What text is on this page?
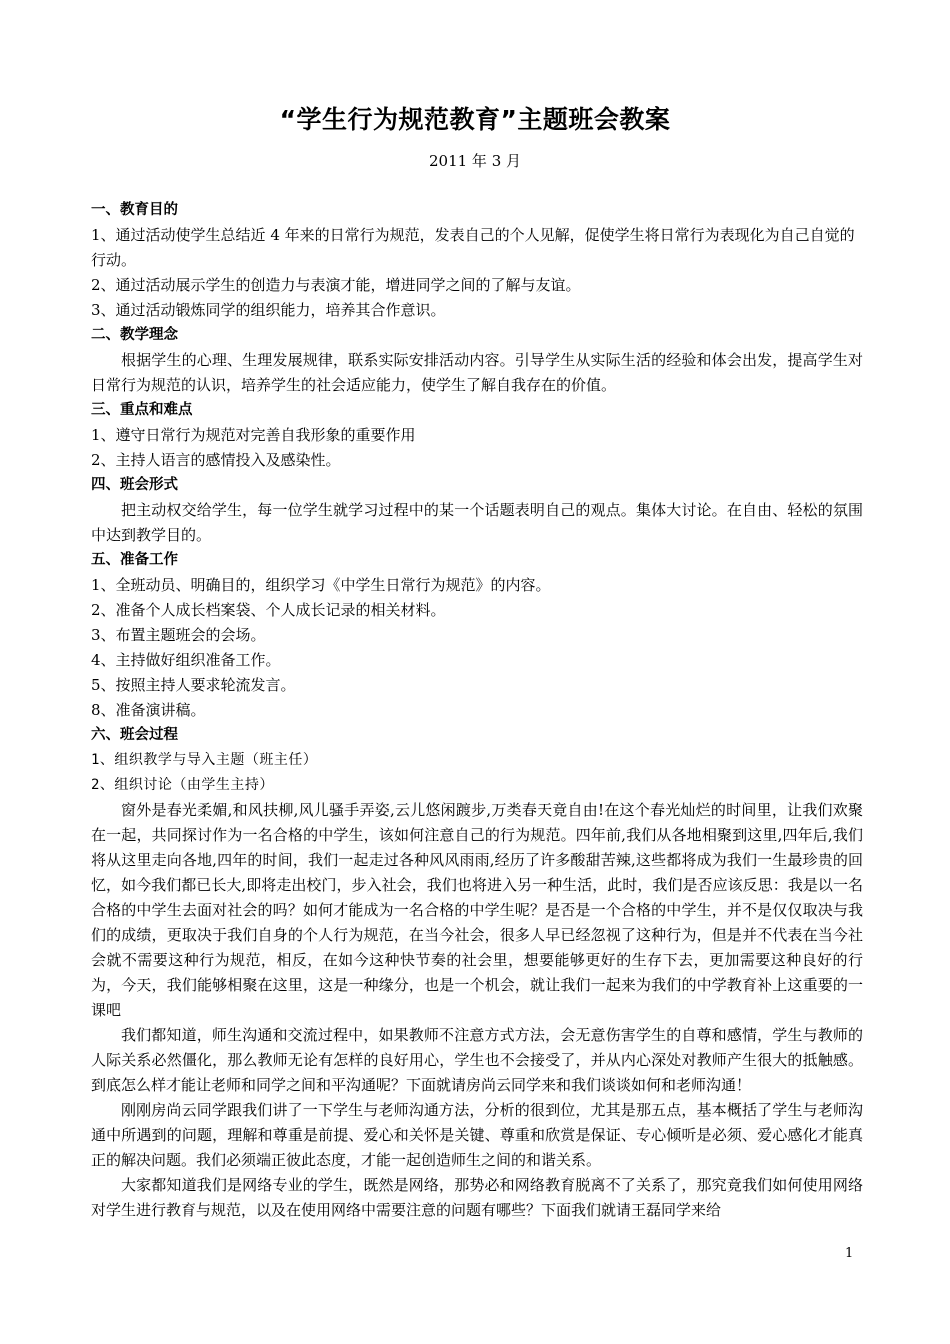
“学生行为规范教育”主题班会教案
2011 年 3 月

一、教育目的

1、通过活动使学生总结近 4 年来的日常行为规范，发表自己的个人见解，促使学生将日常行为表现化为自己自觉的行动。

2、通过活动展示学生的创造力与表演才能，增进同学之间的了解与友谊。

3、通过活动锻炼同学的组织能力，培养其合作意识。

二、教学理念

根据学生的心理、生理发展规律，联系实际安排活动内容。引导学生从实际生活的经验和体会出发，提高学生对日常行为规范的认识，培养学生的社会适应能力，使学生了解自我存在的价值。

三、重点和难点

1、遵守日常行为规范对完善自我形象的重要作用

2、主持人语言的感情投入及感染性。

四、班会形式

把主动权交给学生，每一位学生就学习过程中的某一个话题表明自己的观点。集体大讨论。在自由、轻松的氛围中达到教学目的。

五、准备工作

1、全班动员、明确目的，组织学习《中学生日常行为规范》的内容。

2、准备个人成长档案袋、个人成长记录的相关材料。

3、布置主题班会的会场。

4、主持做好组织准备工作。

5、按照主持人要求轮流发言。

8、准备演讲稿。

六、班会过程

1、组织教学与导入主题（班主任）

2、组织讨论（由学生主持）

窗外是春光柔媚,和风扶柳,风儿骚手弄姿,云儿悠闲踱步,万类春天竟自由!在这个春光灿烂的时间里，让我们欢聚在一起，共同探讨作为一名合格的中学生，该如何注意自己的行为规范。四年前,我们从各地相聚到这里,四年后,我们将从这里走向各地,四年的时间，我们一起走过各种风风雨雨,经历了许多酸甜苦辣,这些都将成为我们一生最珍贵的回忆，如今我们都已长大,即将走出校门，步入社会，我们也将进入另一种生活，此时，我们是否应该反思：我是以一名合格的中学生去面对社会的吗？如何才能成为一名合格的中学生呢？是否是一个合格的中学生，并不是仅仅取决与我们的成绩，更取决于我们自身的个人行为规范，在当今社会，很多人早已经忽视了这种行为，但是并不代表在当今社会就不需要这种行为规范，相反，在如今这种快节奏的社会里，想要能够更好的生存下去，更加需要这种良好的行为，今天，我们能够相聚在这里，这是一种缘分，也是一个机会，就让我们一起来为我们的中学教育补上这重要的一课吧

我们都知道，师生沟通和交流过程中，如果教师不注意方式方法，会无意伤害学生的自尊和感情，学生与教师的人际关系必然僵化，那么教师无论有怎样的良好用心，学生也不会接受了，并从内心深处对教师产生很大的抵触感。到底怎么样才能让老师和同学之间和平沟通呢？下面就请房尚云同学来和我们谈谈如何和老师沟通！

刚刚房尚云同学跟我们讲了一下学生与老师沟通方法，分析的很到位，尤其是那五点，基本概括了学生与老师沟通中所遇到的问题，理解和尊重是前提、爱心和关怀是关键、尊重和欣赏是保证、专心倾听是必须、爱心感化才能真正的解决问题。我们必须端正彼此态度，才能一起创造师生之间的和谐关系。

大家都知道我们是网络专业的学生，既然是网络，那势必和网络教育脱离不了关系了，那究竟我们如何使用网络对学生进行教育与规范，以及在使用网络中需要注意的问题有哪些？下面我们就请王磊同学来给

1
